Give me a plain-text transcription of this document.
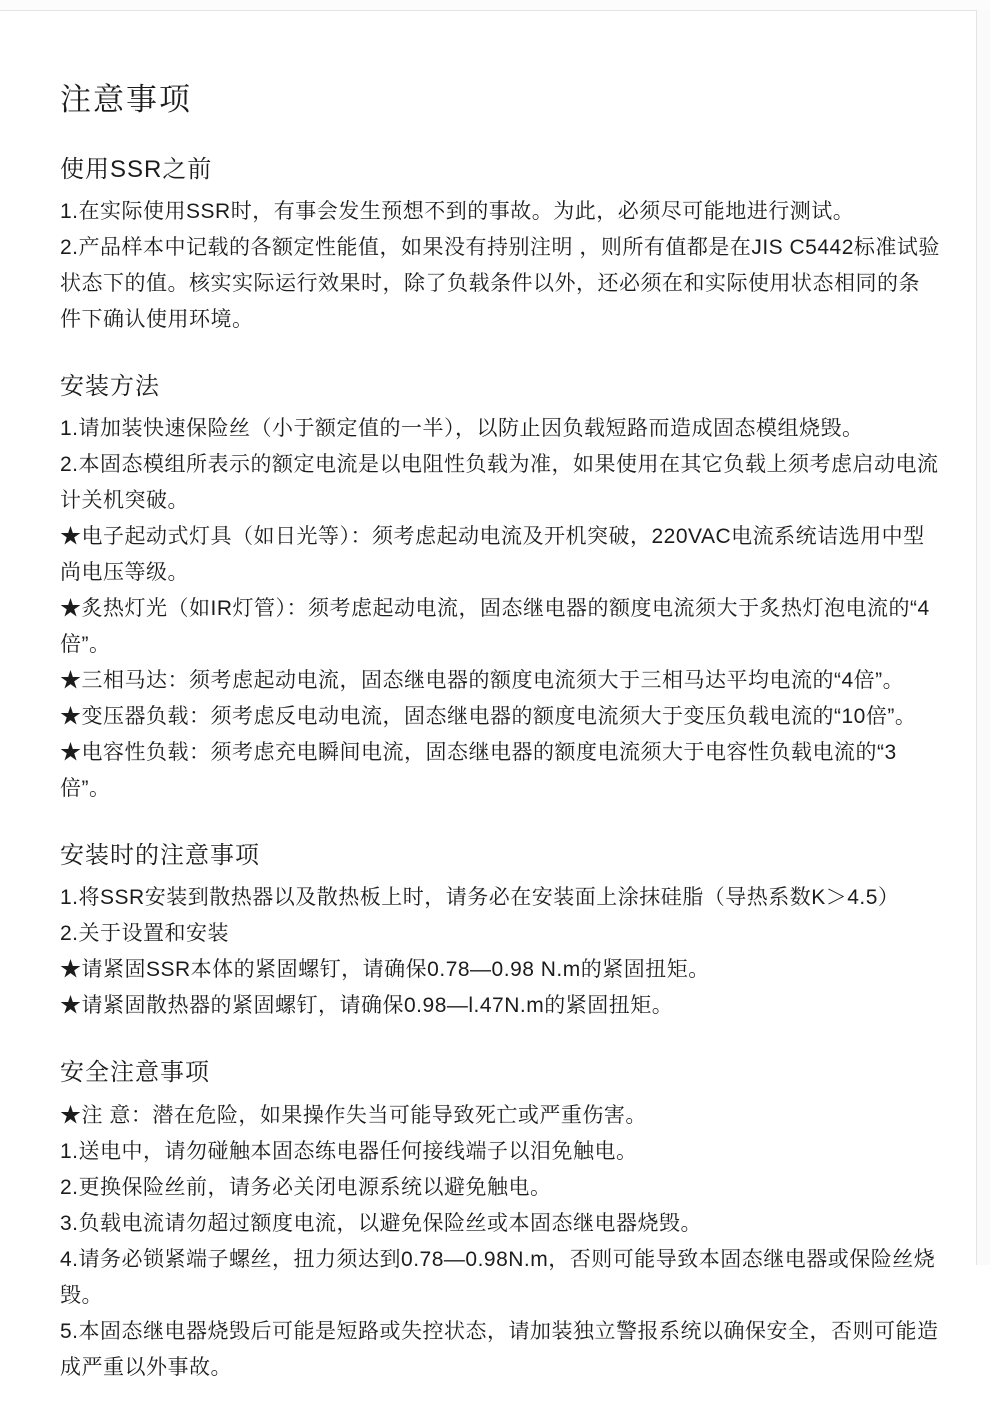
注意事项
使用SSR之前

1.在实际使用SSR时，有事会发生预想不到的事故。为此，必须尽可能地进行测试。

2.产品样本中记载的各额定性能值，如果没有持别注明 ，则所有值都是在JIS C5442标准试验状态下的值。核实实际运行效果时，除了负载条件以外，还必须在和实际使用状态相同的条件下确认使用环境。

安装方法

1.请加装快速保险丝（小于额定值的一半），以防止因负载短路而造成固态模组烧毁。

2.本固态模组所表示的额定电流是以电阻性负载为准，如果使用在其它负载上须考虑启动电流计关机突破。

★电子起动式灯具（如日光等）：须考虑起动电流及开机突破，220VAC电流系统诘选用中型尚电压等级。

★炙热灯光（如IR灯管）：须考虑起动电流，固态继电器的额度电流须大于炙热灯泡电流的“4倍”。

★三相马达：须考虑起动电流，固态继电器的额度电流须大于三相马达平均电流的“4倍”。

★变压器负载：须考虑反电动电流，固态继电器的额度电流须大于变压负载电流的“10倍”。

★电容性负载：须考虑充电瞬间电流，固态继电器的额度电流须大于电容性负载电流的“3倍”。

安装时的注意事项

1.将SSR安装到散热器以及散热板上时，请务必在安装面上涂抹硅脂（导热系数K＞4.5）

2.关于设置和安装

★请紧固SSR本体的紧固螺钉，请确保0.78—0.98 N.m的紧固扭矩。

★请紧固散热器的紧固螺钉，请确保0.98—l.47N.m的紧固扭矩。

安全注意事项

★注 意：潜在危险，如果操作失当可能导致死亡或严重伤害。

1.送电中，请勿碰触本固态练电器任何接线端子以泪免触电。

2.更换保险丝前，请务必关闭电源系统以避免触电。

3.负载电流请勿超过额度电流，以避免保险丝或本固态继电器烧毁。

4.请务必锁紧端子螺丝，扭力须达到0.78—0.98N.m，否则可能导致本固态继电器或保险丝烧毁。

5.本固态继电器烧毁后可能是短路或失控状态，请加装独立警报系统以确保安全，否则可能造成严重以外事故。
